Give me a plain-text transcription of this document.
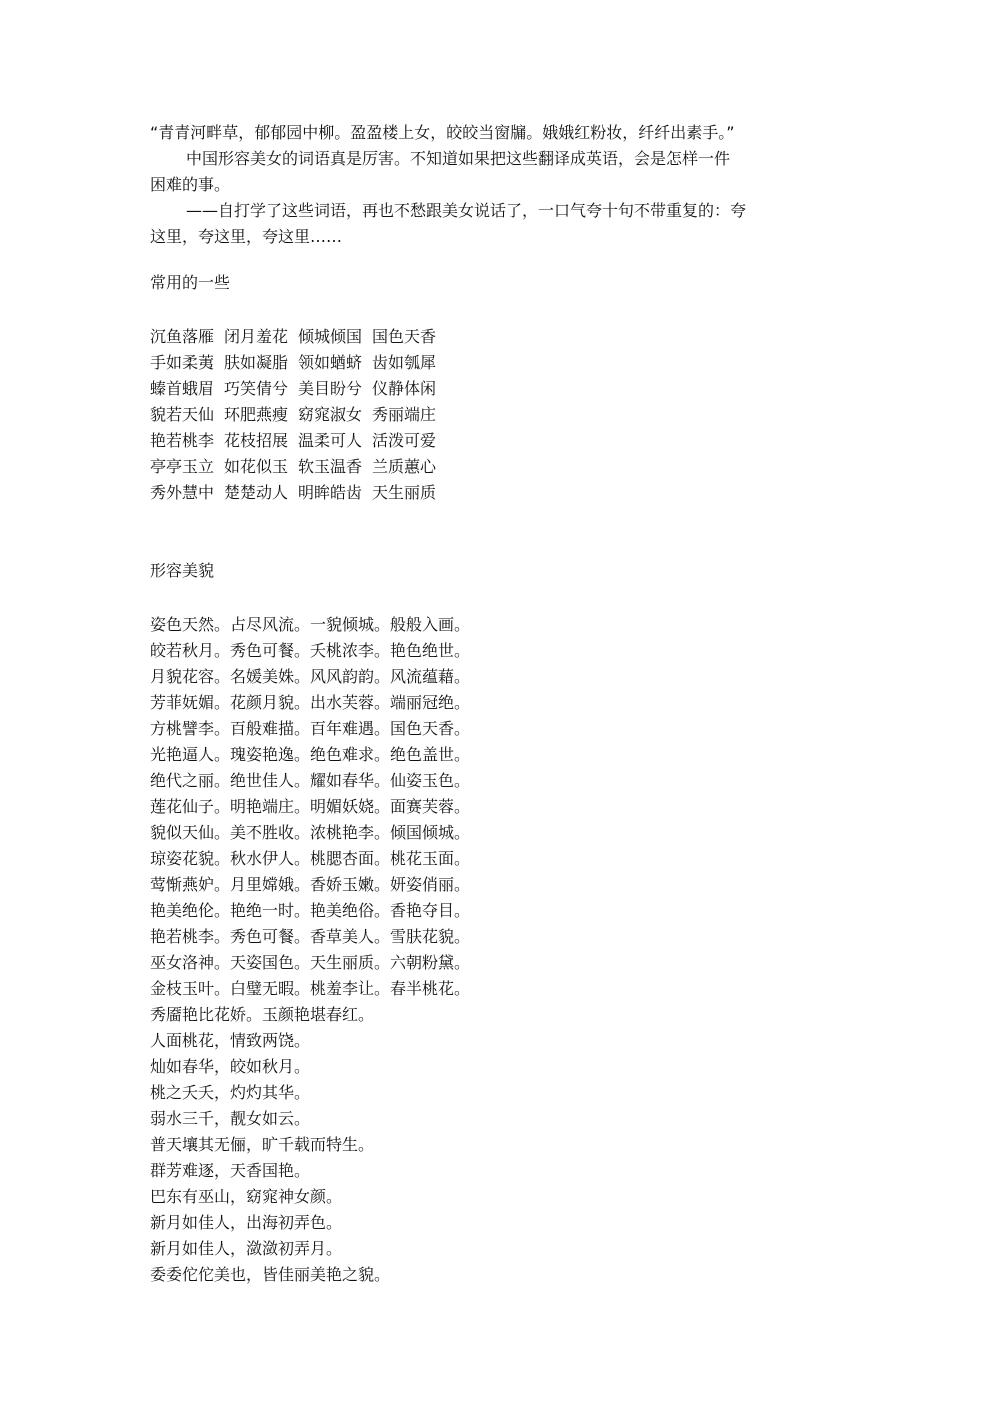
“青青河畔草，郁郁园中柳。盈盈楼上女，皎皎当窗牖。娥娥红粉妆，纤纤出素手。”
中国形容美女的词语真是厉害。不知道如果把这些翻译成英语，会是怎样一件
困难的事。
——自打学了这些词语，再也不愁跟美女说话了，一口气夸十句不带重复的：夸
这里，夸这里，夸这里……
常用的一些
沉鱼落雁 闭月羞花 倾城倾国 国色天香
手如柔荑 肤如凝脂 领如蝤蛴 齿如瓠犀
螓首蛾眉 巧笑倩兮 美目盼兮 仪静体闲
貌若天仙 环肥燕瘦 窈窕淑女 秀丽端庄
艳若桃李 花枝招展 温柔可人 活泼可爱
亭亭玉立 如花似玉 软玉温香 兰质蕙心
秀外慧中 楚楚动人 明眸皓齿 天生丽质
形容美貌
姿色天然。占尽风流。一貌倾城。般般入画。
皎若秋月。秀色可餐。夭桃浓李。艳色绝世。
月貌花容。名媛美姝。风风韵韵。风流蕴藉。
芳菲妩媚。花颜月貌。出水芙蓉。端丽冠绝。
方桃譬李。百般难描。百年难遇。国色天香。
光艳逼人。瑰姿艳逸。绝色难求。绝色盖世。
绝代之丽。绝世佳人。耀如春华。仙姿玉色。
莲花仙子。明艳端庄。明媚妖娆。面赛芙蓉。
貌似天仙。美不胜收。浓桃艳李。倾国倾城。
琼姿花貌。秋水伊人。桃腮杏面。桃花玉面。
莺惭燕妒。月里嫦娥。香娇玉嫩。妍姿俏丽。
艳美绝伦。艳绝一时。艳美绝俗。香艳夺目。
艳若桃李。秀色可餐。香草美人。雪肤花貌。
巫女洛神。天姿国色。天生丽质。六朝粉黛。
金枝玉叶。白璧无暇。桃羞李让。春半桃花。
秀靥艳比花娇。玉颜艳堪春红。
人面桃花，情致两饶。
灿如春华，皎如秋月。
桃之夭夭，灼灼其华。
弱水三千，靓女如云。
普天壤其无俪，旷千载而特生。
群芳难逐，天香国艳。
巴东有巫山，窈窕神女颜。
新月如佳人，出海初弄色。
新月如佳人，潋潋初弄月。
委委佗佗美也，皆佳丽美艳之貌。
